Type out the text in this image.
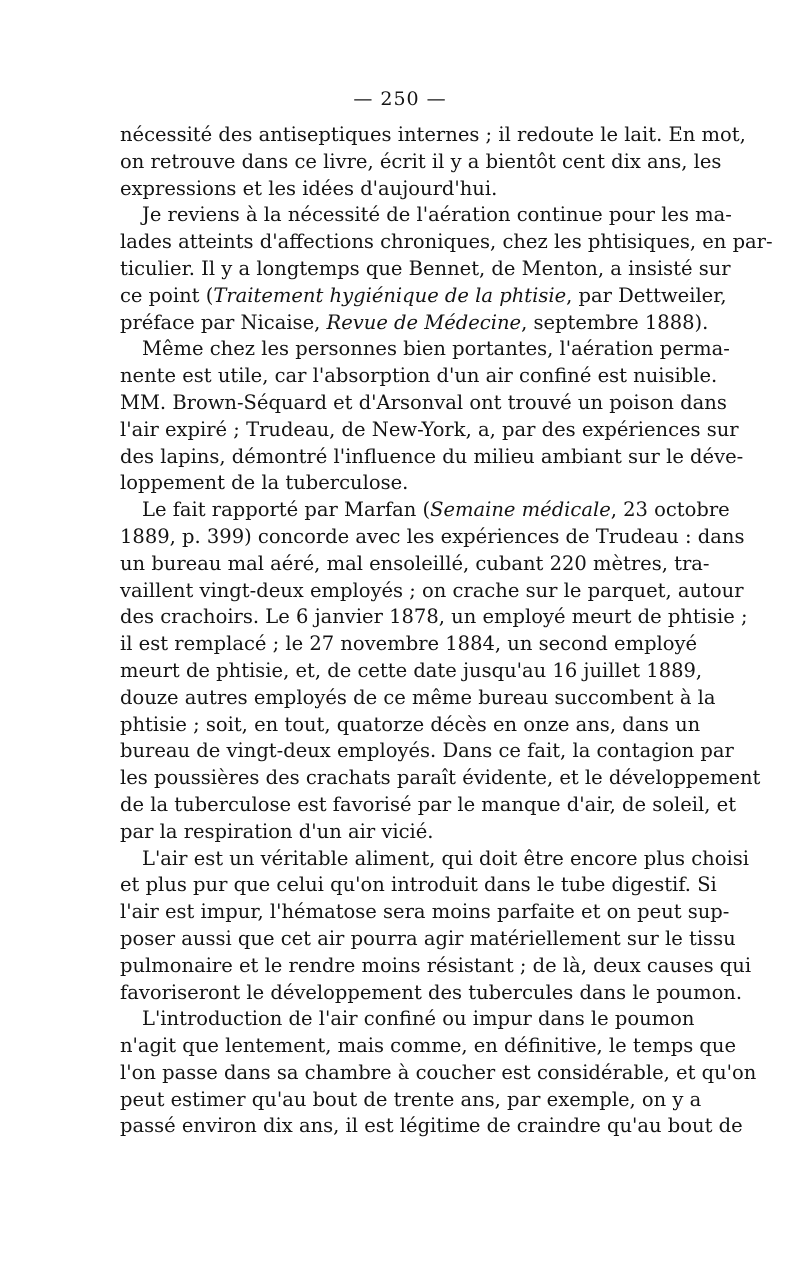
— 250 —

nécessité des antiseptiques internes ; il redoute le lait. En mot,
on retrouve dans ce livre, écrit il y a bientôt cent dix ans, les
expressions et les idées d'aujourd'hui.

Je reviens à la nécessité de l'aération continue pour les ma-
lades atteints d'affections chroniques, chez les phtisiques, en par-
ticulier. Il y a longtemps que Bennet, de Menton, a insisté sur
ce point (Traitement hygiénique de la phtisie, par Dettweiler,
préface par Nicaise, Revue de Médecine, septembre 1888).

Même chez les personnes bien portantes, l'aération perma-
nente est utile, car l'absorption d'un air confiné est nuisible.
MM. Brown-Séquard et d'Arsonval ont trouvé un poison dans
l'air expiré ; Trudeau, de New-York, a, par des expériences sur
des lapins, démontré l'influence du milieu ambiant sur le déve-
loppement de la tuberculose.

Le fait rapporté par Marfan (Semaine médicale, 23 octobre
1889, p. 399) concorde avec les expériences de Trudeau : dans
un bureau mal aéré, mal ensoleillé, cubant 220 mètres, tra-
vaillent vingt-deux employés ; on crache sur le parquet, autour
des crachoirs. Le 6 janvier 1878, un employé meurt de phtisie ;
il est remplacé ; le 27 novembre 1884, un second employé
meurt de phtisie, et, de cette date jusqu'au 16 juillet 1889,
douze autres employés de ce même bureau succombent à la
phtisie ; soit, en tout, quatorze décès en onze ans, dans un
bureau de vingt-deux employés. Dans ce fait, la contagion par
les poussières des crachats paraît évidente, et le développement
de la tuberculose est favorisé par le manque d'air, de soleil, et
par la respiration d'un air vicié.

L'air est un véritable aliment, qui doit être encore plus choisi
et plus pur que celui qu'on introduit dans le tube digestif. Si
l'air est impur, l'hématose sera moins parfaite et on peut sup-
poser aussi que cet air pourra agir matériellement sur le tissu
pulmonaire et le rendre moins résistant ; de là, deux causes qui
favoriseront le développement des tubercules dans le poumon.

L'introduction de l'air confiné ou impur dans le poumon
n'agit que lentement, mais comme, en définitive, le temps que
l'on passe dans sa chambre à coucher est considérable, et qu'on
peut estimer qu'au bout de trente ans, par exemple, on y a
passé environ dix ans, il est légitime de craindre qu'au bout de
